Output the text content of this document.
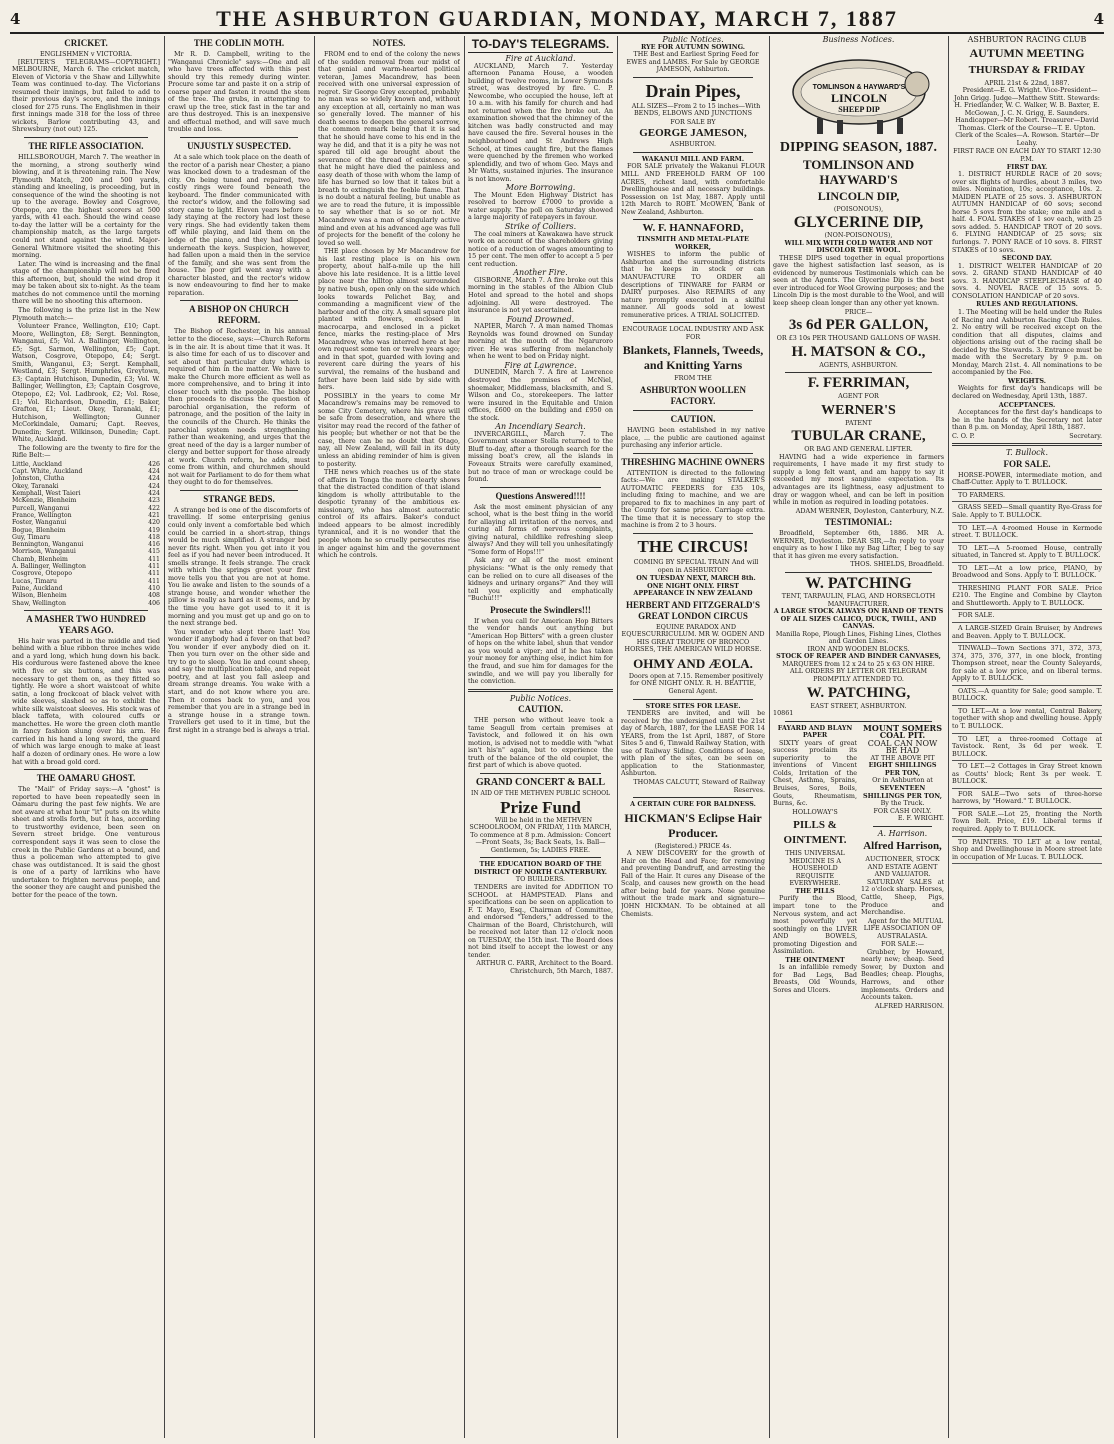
4	THE ASHBURTON GUARDIAN, MONDAY, MARCH 7, 1887	4
CRICKET.
ENGLISHMEN v VICTORIA.

[REUTER'S TELEGRAMS—COPYRIGHT.] MELBOURNE, March 6. The cricket match, Eleven of Victoria v the Shaw and Lillywhite Team was continued to-day. The Victorians resumed their innings, but failed to add to their previous day's score, and the innings closed for 275 runs. The Englishmen in their first innings made 318 for the loss of three wickets, Barlow contributing 43, and Shrewsbury (not out) 125.

THE RIFLE ASSOCIATION.

HILLSBOROUGH, March 7. The weather in the morning, a strong southerly wind blowing, and it is threatening rain. The New Plymouth Match, 200 and 500 yards, standing and kneeling, is proceeding, but in consequence of the wind the shooting is not up to the average. Bowley and Cosgrove, Otepopo, are the highest scorers at 500 yards, with 41 each. Should the wind cease to-day the latter will be a certainty for the championship match, as the large targets could not stand against the wind. Major-General Whitmore visited the shooting this morning.

Later. The wind is increasing and the final stage of the championship will not be fired this afternoon, but, should the wind drop it may be taken about six to-night. As the team matches do not commence until the morning there will be no shooting this afternoon.

The following is the prize list in the New Plymouth match:—

Volunteer France, Wellington, £10; Capt. Moore, Wellington, £8; Sergt. Bennington, Wanganui, £5; Vol. A. Ballinger, Wellington, £5; Sgt. Sarmon, Wellington, £5; Capt. Watson, Cosgrove, Otepopo, £4; Sergt. Smith, Wanganui, £3; Sergt. Kemphall, Westland, £3; Sergt. Humphries, Greytown, £3; Captain Hutchison, Dunedin, £3; Vol. W. Ballinger, Wellington, £3; Captain Cosgrove, Otepopo, £2; Vol. Ladbrook, £2; Vol. Rose, £1; Vol. Richardson, Dunedin, £1; Baker, Grafton, £1; Lieut. Okey, Taranaki, £1; Hutchison, Wellington; Gunner McCorkindale, Oamaru; Capt. Reeves, Dunedin; Sergt. Wilkinson, Dunedin; Capt. White, Auckland.

The following are the twenty to fire for the Rifle Belt:—

Little, Auckland	426
Capt. White, Auckland	424
Johnston, Clutha	424
Okey, Taranaki	424
Kemphall, West Taieri	424
McKenzie, Blenheim	423
Purcell, Wanganui	422
France, Wellington	421
Foster, Wanganui	420
Bogue, Blenheim	419
Guy, Timaru	418
Bennington, Wanganui	416
Morrison, Wanganui	415
Chamb, Blenheim	411
A. Ballinger, Wellington	411
Cosgrove, Otepopo	411
Lucas, Timaru	411
Paine, Auckland	410
Wilson, Blenheim	408
Shaw, Wellington	406
A MASHER TWO HUNDRED YEARS AGO.

His hair was parted in the middle and tied behind with a blue ribbon three inches wide and a yard long, which hung down his back. His cordurous were fastened above the knee with five or six buttons, and this was necessary to get them on, as they fitted so tightly. He wore a short waistcoat of white satin, a long frockcoat of black velvet with wide sleeves, slashed so as to exhibit the white silk waistcoat sleeves. His stock was of black taffeta, with coloured cuffs or manchettes. He wore the green cloth mantle in fancy fashion slung over his arm. He carried in his hand a long sword, the guard of which was large enough to make at least half a dozen of ordinary ones. He wore a low hat with a broad gold cord.

THE OAMARU GHOST.

The "Mail" of Friday says:—A "ghost" is reported to have been repeatedly seen in Oamaru during the past few nights. We are not aware at what hour "it" puts on its white sheet and strolls forth, but it has, according to trustworthy evidence, been seen on Severn street bridge. One venturous correspondent says it was seen to close the creek in the Public Gardens at a bound, and thus a policeman who attempted to give chase was outdistanced. It is said the ghost is one of a party of larrikins who have undertaken to frighten nervous people, and the sooner they are caught and punished the better for the peace of the town.

THE CODLIN MOTH.

Mr R. D. Campbell, writing to the "Wanganui Chronicle" says:—One and all who have trees affected with this pest should try this remedy during winter. Procure some tar and paste it on a strip of coarse paper and fasten it round the stem of the tree. The grubs, in attempting to crawl up the tree, stick fast in the tar and are thus destroyed. This is an inexpensive and effectual method, and will save much trouble and loss.

UNJUSTLY SUSPECTED.

At a sale which took place on the death of the rector of a parish near Chester, a piano was knocked down to a tradesman of the city. On being tuned and repaired, two costly rings were found beneath the keyboard. The finder communicated with the rector's widow, and the following sad story came to light. Eleven years before a lady staying at the rectory had lost these very rings. She had evidently taken them off while playing, and laid them on the ledge of the piano, and they had slipped underneath the keys. Suspicion, however, had fallen upon a maid then in the service of the family, and she was sent from the house. The poor girl went away with a character blasted, and the rector's widow is now endeavouring to find her to make reparation.

A BISHOP ON CHURCH REFORM.

The Bishop of Rochester, in his annual letter to the diocese, says:—Church Reform is in the air. It is about time that it was. It is also time for each of us to discover and set about that particular duty which is required of him in the matter. We have to make the Church more efficient as well as more comprehensive, and to bring it into closer touch with the people. The bishop then proceeds to discuss the question of parochial organisation, the reform of patronage, and the position of the laity in the councils of the Church. He thinks the parochial system needs strengthening rather than weakening, and urges that the great need of the day is a larger number of clergy and better support for those already at work. Church reform, he adds, must come from within, and churchmen should not wait for Parliament to do for them what they ought to do for themselves.

STRANGE BEDS.

A strange bed is one of the discomforts of travelling. If some enterprising genius could only invent a comfortable bed which could be carried in a short-strap, things would be much simplified. A stranger bed never fits right. When you get into it you feel as if you had never been introduced. It smells strange. It feels strange. The crack with which the springs greet your first move tells you that you are not at home. You lie awake and listen to the sounds of a strange house, and wonder whether the pillow is really as hard as it seems, and by the time you have got used to it it is morning and you must get up and go on to the next strange bed.

You wonder who slept there last! You wonder if anybody had a fever on that bed? You wonder if ever anybody died on it. Then you turn over on the other side and try to go to sleep. You lie and count sheep, and say the multiplication table, and repeat poetry, and at last you fall asleep and dream strange dreams. You wake with a start, and do not know where you are. Then it comes back to you, and you remember that you are in a strange bed in a strange house in a strange town. Travellers get used to it in time, but the first night in a strange bed is always a trial.

NOTES.

FROM end to end of the colony the news of the sudden removal from our midst of that genial and warm-hearted political veteran, James Macandrew, has been received with one universal expression of regret. Sir George Grey excepted, probably no man was so widely known and, without any exception at all, certainly no man was so generally loved. The manner of his death seems to deepen the general sorrow, the common remark being that it is sad that he should have come to his end in the way he did, and that it is a pity he was not spared till old age brought about the severance of the thread of existence, so that he might have died the painless and easy death of those with whom the lamp of life has burned so low that it takes but a breath to extinguish the feeble flame. That is no doubt a natural feeling, but unable as we are to read the future, it is impossible to say whether that is so or not. Mr Macandrew was a man of singularly active mind and even at his advanced age was full of projects for the benefit of the colony he loved so well.

THE place chosen by Mr Macandrew for his last resting place is on his own property, about half-a-mile up the hill above his late residence. It is a little level place near the hilltop almost surrounded by native bush, open only on the side which looks towards Pelichet Bay, and commanding a magnificent view of the harbour and of the city. A small square plot planted with flowers, enclosed in macrocarpa, and enclosed in a picket fence, marks the resting-place of Mrs Macandrew, who was interred here at her own request some ten or twelve years ago; and in that spot, guarded with loving and reverent care during the years of his survival, the remains of the husband and father have been laid side by side with hers.

POSSIBLY in the years to come Mr Macandrew's remains may be removed to some City Cemetery, where his grave will be safe from desecration, and where the visitor may read the record of the father of his people; but whether or not that be the case, there can be no doubt that Otago, nay, all New Zealand, will fail in its duty unless an abiding reminder of him is given to posterity.

THE news which reaches us of the state of affairs in Tonga the more clearly shows that the distracted condition of that island kingdom is wholly attributable to the despotic tyranny of the ambitious ex-missionary, who has almost autocratic control of its affairs. Baker's conduct indeed appears to be almost incredibly tyrannical, and it is no wonder that the people whom he so cruelly persecutes rise in anger against him and the government which he controls.

TO-DAY'S TELEGRAMS.
Fire at Auckland.

AUCKLAND, March 7. Yesterday afternoon Panama House, a wooden building of twelve rooms, in Lower Symonds street, was destroyed by fire. C. P. Newcombe, who occupied the house, left at 10 a.m. with his family for church and had not returned when the fire broke out. An examination showed that the chimney of the kitchen was badly constructed and may have caused the fire. Several houses in the neighbourhood and St Andrews High School, at times caught fire, but the flames were quenched by the firemen who worked splendidly, and two of whom Geo. Mays and Mr Watts, sustained injuries. The insurance is not known.

More Borrowing.

The Mount Eden Highway District has resolved to borrow £7000 to provide a water supply. The poll on Saturday showed a large majority of ratepayers in favour.

Strike of Colliers.

The coal miners at Kawakawa have struck work on account of the shareholders giving notice of a reduction of wages amounting to 15 per cent. The men offer to accept a 5 per cent reduction.

Another Fire.

GISBORNE, March 7. A fire broke out this morning in the stables of the Albion Club Hotel and spread to the hotel and shops adjoining. All were destroyed. The insurance is not yet ascertained.

Found Drowned.

NAPIER, March 7. A man named Thomas Reynolds was found drowned on Sunday morning at the mouth of the Ngaruroro river. He was suffering from melancholy when he went to bed on Friday night.

Fire at Lawrence.

DUNEDIN, March 7. A fire at Lawrence destroyed the premises of McNiel, shoemaker, Middlemass, blacksmith, and S. Wilson and Co., storekeepers. The latter were insured in the Equitable and Union offices, £600 on the building and £950 on the stock.

An Incendiary Search.

INVERCARGILL, March 7. The Government steamer Stella returned to the Bluff to-day, after a thorough search for the missing boat's crew, all the islands in Foveaux Straits were carefully examined, but no trace of man or wreckage could be found.

Questions Answered!!!!

Ask the most eminent physician of any school, what is the best thing in the world for allaying all irritation of the nerves, and curing all forms of nervous complaints, giving natural, childlike refreshing sleep always? And they will tell you unhesitatingly "Some form of Hops!!!"

Ask any or all of the most eminent physicians: "What is the only remedy that can be relied on to cure all diseases of the kidneys and urinary organs?" And they will tell you explicitly and emphatically "Buchu!!!"

Prosecute the Swindlers!!!

If when you call for American Hop Bitters the vendor hands out anything but "American Hop Bitters" with a green cluster of hops on the white label, shun that vendor as you would a viper; and if he has taken your money for anything else, indict him for the fraud, and sue him for damages for the swindle, and we will pay you liberally for the conviction.

Public Notices.
CAUTION.

THE person who without leave took a tame Seagull from certain premises at Tavistock, and followed it on his own motion, is advised not to meddle with "what isn't his'n" again, but to experience the truth of the balance of the old couplet, the first part of which is above quoted.

GRAND CONCERT & BALL
IN AID OF THE METHVEN PUBLIC SCHOOL
Prize Fund

Will be held in the METHVEN SCHOOLROOM, ON FRIDAY, 11th MARCH, To commence at 8 p.m. Admission: Concert—Front Seats, 3s; Back Seats, 1s. Ball—Gentlemen, 5s; LADIES FREE.

THE EDUCATION BOARD OF THE DISTRICT OF NORTH CANTERBURY.
TO BUILDERS.

TENDERS are invited for ADDITION TO SCHOOL at HAMPSTEAD. Plans and specifications can be seen on application to F. T. Mayo, Esq., Chairman of Committee, and endorsed "Tenders," addressed to the Chairman of the Board, Christchurch, will be received not later than 12 o'clock noon on TUESDAY, the 15th inst. The Board does not bind itself to accept the lowest or any tender.

ARTHUR C. FARR, Architect to the Board. Christchurch, 5th March, 1887.

Public Notices.
RYE FOR AUTUMN SOWING.

THE Best and Earliest Spring Feed for EWES and LAMBS. For Sale by GEORGE JAMESON, Ashburton.

Drain Pipes,

ALL SIZES—From 2 to 15 inches—With BENDS, ELBOWS AND JUNCTIONS

FOR SALE BY
GEORGE JAMESON,
ASHBURTON.
WAKANUI MILL AND FARM.

FOR SALE privately the Wakanui FLOUR MILL AND FREEHOLD FARM OF 100 ACRES, richest land, with comfortable Dwellinghouse and all necessary buildings. Possession on 1st May, 1887. Apply until 12th March to ROBT. McOWEN, Bank of New Zealand, Ashburton.

W. F. HANNAFORD,
TINSMITH AND METAL-PLATE WORKER,

WISHES to inform the public of Ashburton and the surrounding districts that he keeps in stock or can MANUFACTURE TO ORDER all descriptions of TINWARE for FARM or DAIRY purposes. Also REPAIRS of any nature promptly executed in a skilful manner. All goods sold at lowest remunerative prices. A TRIAL SOLICITED.

ENCOURAGE LOCAL INDUSTRY AND ASK FOR
Blankets, Flannels, Tweeds, and Knitting Yarns
FROM THE
ASHBURTON WOOLLEN FACTORY.
CAUTION.

HAVING been established in my native place, ... the public are cautioned against purchasing any inferior article.

THRESHING MACHINE OWNERS

ATTENTION is directed to the following facts:—We are making STALKER'S AUTOMATIC FEEDERS for £35 10s, including fixing to machine, and we are prepared to fix to machines in any part of the County for same price. Carriage extra. The time that it is necessary to stop the machine is from 2 to 3 hours.

THE CIRCUS!

COMING BY SPECIAL TRAIN And will open in ASHBURTON

ON TUESDAY NEXT, MARCH 8th. ONE NIGHT ONLY. FIRST APPEARANCE IN NEW ZEALAND

HERBERT AND FITZGERALD'S GREAT LONDON CIRCUS

EQUINE PARADOX AND EQUESCURRICULUM. MR W. OGDEN AND HIS GREAT TROUPE OF BRONCO HORSES, THE AMERICAN WILD HORSE.

OHMY AND ÆOLA.

Doors open at 7.15. Remember positively for ONE NIGHT ONLY. R. H. BEATTIE, General Agent.

STORE SITES FOR LEASE.

TENDERS are invited, and will be received by the undersigned until the 21st day of March, 1887, for the LEASE FOR 14 YEARS, from the 1st April, 1887, of Store Sites 5 and 6, Tinwald Railway Station, with use of Railway Siding. Conditions of lease, with plan of the sites, can be seen on application to the Stationmaster, Ashburton.

THOMAS CALCUTT, Steward of Railway Reserves.

A CERTAIN CURE FOR BALDNESS.
HICKMAN'S Eclipse Hair Producer.
(Registered.) PRICE 4s.

A NEW DISCOVERY for the growth of Hair on the Head and Face; for removing and preventing Dandruff, and arresting the Fall of the Hair. It cures any Disease of the Scalp, and causes new growth on the head after being bald for years. None genuine without the trade mark and signature—JOHN HICKMAN. To be obtained at all Chemists.

Business Notices.
TOMLINSON & HAYWARD'S
LINCOLN
SHEEP DIP
DIPPING SEASON, 1887.
TOMLINSON AND HAYWARD'S
LINCOLN DIP,
(POISONOUS),
GLYCERINE DIP,
(NON-POISONOUS),
WILL MIX WITH COLD WATER AND NOT DISCOLOR THE WOOL.

THESE DIPS used together in equal proportions gave the highest satisfaction last season, as is evidenced by numerous Testimonials which can be seen at the Agents. The Glycerine Dip is the best ever introduced for Wool Growing purposes; and the Lincoln Dip is the most durable to the Wool, and will keep sheep clean longer than any other yet known.

PRICE—
3s 6d PER GALLON,
OR £3 10s PER THOUSAND GALLONS OF WASH.
H. MATSON & CO.,
AGENTS, ASHBURTON.
F. FERRIMAN,
AGENT FOR
WERNER'S
PATENT
TUBULAR CRANE,
OR BAG AND GENERAL LIFTER.

HAVING had a wide experience in farmers requirements, I have made it my first study to supply a long felt want, and am happy to say it exceeded my most sanguine expectation. Its advantages are its lightness, easy adjustment to dray or waggon wheel, and can be left in position while in motion as required in loading potatoes.

ADAM WERNER, Doyleston, Canterbury, N.Z.

TESTIMONIAL:

Broadfield, September 6th, 1886. MR A. WERNER, Doyleston. DEAR SIR,—In reply to your enquiry as to how I like my Bag Lifter, I beg to say that it has given me every satisfaction.

THOS. SHIELDS, Broadfield.

W. PATCHING
TENT, TARPAULIN, FLAG, AND HORSECLOTH MANUFACTURER.
A LARGE STOCK ALWAYS ON HAND OF TENTS OF ALL SIZES CALICO, DUCK, TWILL, AND CANVAS.
Manilla Rope, Plough Lines, Fishing Lines, Clothes and Garden Lines.
IRON AND WOODEN BLOCKS.
STOCK OF REAPER AND BINDER CANVASES,
MARQUEES from 12 x 24 to 25 x 63 ON HIRE.
ALL ORDERS BY LETTER OR TELEGRAM PROMPTLY ATTENDED TO.
W. PATCHING,
EAST STREET, ASHBURTON.
10861
FAYARD AND BLAYN PAPER

SIXTY years of great success proclaim its superiority to the inventions of Vincent Colds, Irritation of the Chest, Asthma, Sprains, Bruises, Sores, Boils, Gouts, Rheumatism, Burns, &c.

HOLLOWAY'S
PILLS & OINTMENT.
THIS UNIVERSAL MEDICINE IS A HOUSEHOLD REQUISITE EVERYWHERE.
THE PILLS

Purify the Blood, impart tone to the Nervous system, and act most powerfully yet soothingly on the LIVER AND BOWELS, promoting Digestion and Assimilation.

THE OINTMENT

Is an infallible remedy for Bad Legs, Bad Breasts, Old Wounds, Sores and Ulcers.

MOUNT SOMERS COAL PIT.
COAL CAN NOW BE HAD
AT THE ABOVE PIT
EIGHT SHILLINGS PER TON,
Or in Ashburton at
SEVENTEEN SHILLINGS PER TON,
By the Truck.
FOR CASH ONLY.
E. F. WRIGHT.
A. Harrison.
Alfred Harrison,
AUCTIONEER, STOCK AND ESTATE AGENT AND VALUATOR.

SATURDAY SALES at 12 o'clock sharp. Horses, Cattle, Sheep, Pigs, Produce and Merchandise.

Agent for the MUTUAL LIFE ASSOCIATION OF AUSTRALASIA.

FOR SALE:—

Grubber, by Howard, nearly new; cheap. Seed Sower, by Duxton and Beadles; cheap. Ploughs, Harrows, and other implements. Orders and Accounts taken.

ALFRED HARRISON.
ASHBURTON RACING CLUB
AUTUMN MEETING
THURSDAY & FRIDAY
APRIL 21st & 22nd, 1887.

President—E. G. Wright. Vice-President—John Grigg. Judge—Matthew Stitt. Stewards: H. Friedlander, W. C. Walker, W. B. Baxter, E. McGowan, J. C. N. Grigg, E. Saunders. Handicapper—Mr Robert. Treasurer—David Thomas. Clerk of the Course—T. E. Upton. Clerk of the Scales—A. Rowson. Starter—Dr Leahy.

FIRST RACE ON EACH DAY TO START 12:30 P.M.
FIRST DAY.

1. DISTRICT HURDLE RACE of 20 sovs; over six flights of hurdles, about 3 miles, two miles. Nomination, 10s; acceptance, 10s. 2. MAIDEN PLATE of 25 sovs. 3. ASHBURTON AUTUMN HANDICAP of 60 sovs; second horse 5 sovs from the stake; one mile and a half. 4. FOAL STAKES of 1 sov each, with 25 sovs added. 5. HANDICAP TROT of 20 sovs. 6. FLYING HANDICAP of 25 sovs; six furlongs. 7. PONY RACE of 10 sovs. 8. FIRST STAKES of 10 sovs.

SECOND DAY.

1. DISTRICT WELTER HANDICAP of 20 sovs. 2. GRAND STAND HANDICAP of 40 sovs. 3. HANDICAP STEEPLECHASE of 40 sovs. 4. NOVEL RACE of 15 sovs. 5. CONSOLATION HANDICAP of 20 sovs.

RULES AND REGULATIONS.

1. The Meeting will be held under the Rules of Racing and Ashburton Racing Club Rules. 2. No entry will be received except on the condition that all disputes, claims and objections arising out of the racing shall be decided by the Stewards. 3. Entrance must be made with the Secretary by 9 p.m. on Monday, March 21st. 4. All nominations to be accompanied by the Fee.

WEIGHTS.

Weights for first day's handicaps will be declared on Wednesday, April 13th, 1887.

ACCEPTANCES.

Acceptances for the first day's handicaps to be in the hands of the Secretary not later than 8 p.m. on Monday, April 18th, 1887.

C. O. P.	Secretary.
T. Bullock.
FOR SALE.

HORSE-POWER, intermediate motion, and Chaff-Cutter. Apply to T. BULLOCK.

TO FARMERS.

GRASS SEED—Small quantity Rye-Grass for Sale. Apply to T. BULLOCK.

TO LET.—A 4-roomed House in Kermode street. T. BULLOCK.

TO LET.—A 5-roomed House, centrally situated, in Tancred st. Apply to T. BULLOCK.

TO LET.—At a low price, PIANO, by Broadwood and Sons. Apply to T. BULLOCK.

THRESHING PLANT FOR SALE. Price £210. The Engine and Combine by Clayton and Shuttleworth. Apply to T. BULLOCK.

FOR SALE.

A LARGE-SIZED Grain Bruiser, by Andrews and Beaven. Apply to T. BULLOCK.

TINWALD—Town Sections 371, 372, 373, 374, 375, 376, 377, in one block, fronting Thompson street, near the County Saleyards, for sale at a low price, and on liberal terms. Apply to T. BULLOCK.

OATS.—A quantity for Sale; good sample. T. BULLOCK.

TO LET.—At a low rental, Central Bakery, together with shop and dwelling house. Apply to T. BULLOCK.

TO LET, a three-roomed Cottage at Tavistock. Rent, 3s 6d per week. T. BULLOCK.

TO LET.—2 Cottages in Gray Street known as Coutts' block; Rent 3s per week. T. BULLOCK.

FOR SALE—Two sets of three-horse harrows, by "Howard." T. BULLOCK.

FOR SALE.—Lot 25, fronting the North Town Belt. Price, £19. Liberal terms if required. Apply to T. BULLOCK.

TO PAINTERS. TO LET at a low rental, Shop and Dwellinghouse in Moore street late in occupation of Mr Lucas. T. BULLOCK.
